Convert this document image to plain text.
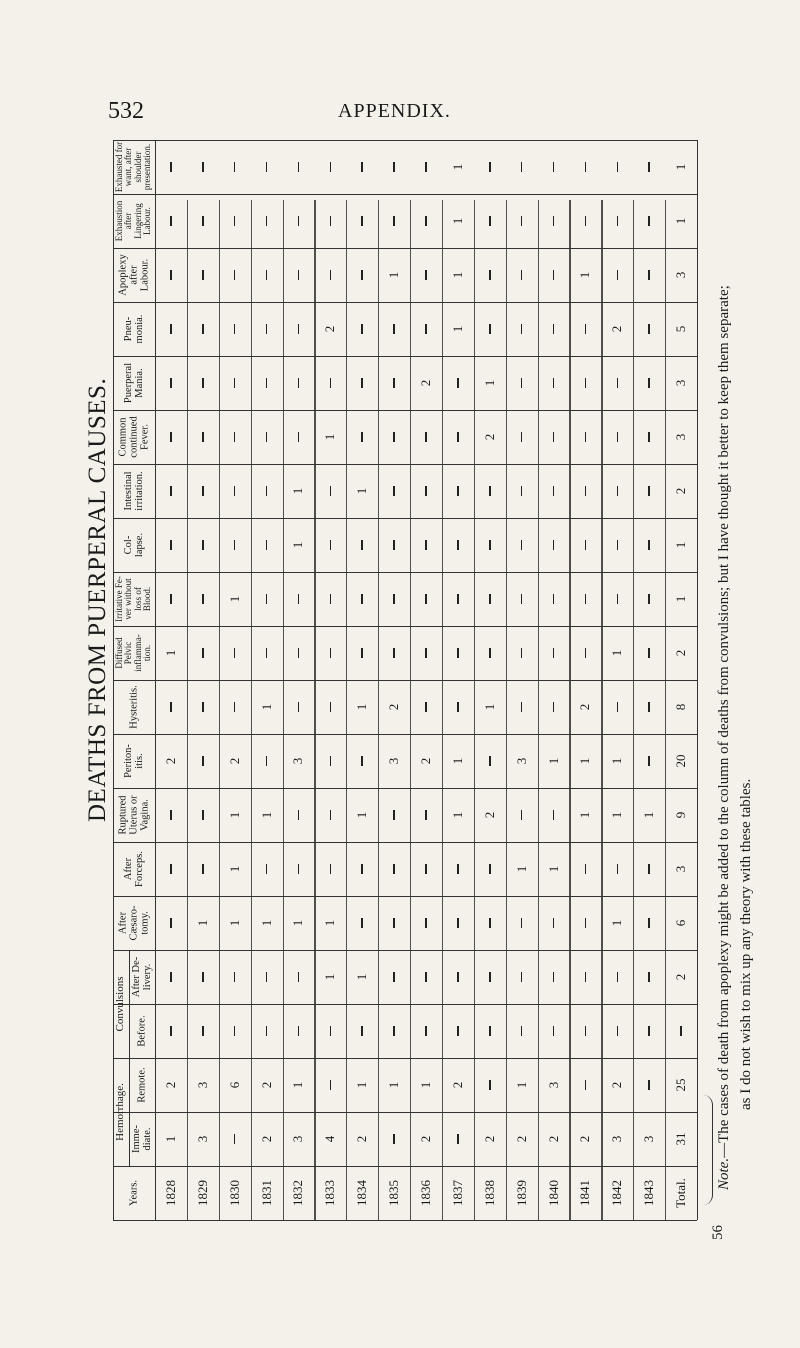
532	APPENDIX.
DEATHS FROM PUERPERAL CAUSES.
Hemorrhage.
Convulsions
Years.
Imme-
diate.
Remote.
Before.
After De-
livery.
After
Cæsaro-
tomy.
After
Forceps.
Ruptured
Uterus or
Vagina.
Periton-
itis.
Hysteritis.
Diffused
Pelvic
inflamma-
tion.
Irritative Fe-
ver without
loss of
Blood.
Col-
lapse.
Intestinal
irritation.
Common
continued
Fever.
Puerperal
Mania.
Pneu-
monia.
Apoplexy
after
Labour.
Exhaustion
after
Lingering
Labour.
Exhausted for
want, after
shoulder
presentation.
1828
1
2
2
1
1829
3
3
1
1830
6
1
1
1
2
1
1831
2
2
1
1
1
1832
3
1
1
3
1
1
1833
4
1
1
1
2
1834
2
1
1
1
1
1
1835
1
3
2
1
1836
2
1
2
2
1837
2
1
1
1
1
1
1
1838
2
2
1
2
1
1839
2
1
1
3
1840
2
3
1
1
1841
2
1
1
2
1
1842
3
2
1
1
1
1
2
1843
3
1
Total.
31
25
2
6
3
9
20
8
2
1
1
2
3
3
5
3
1
1
56
Note.—The cases of death from apoplexy might be added to the column of deaths from convulsions; but I have thought it better to keep them separate; as I do not wish to mix up any theory with these tables.
